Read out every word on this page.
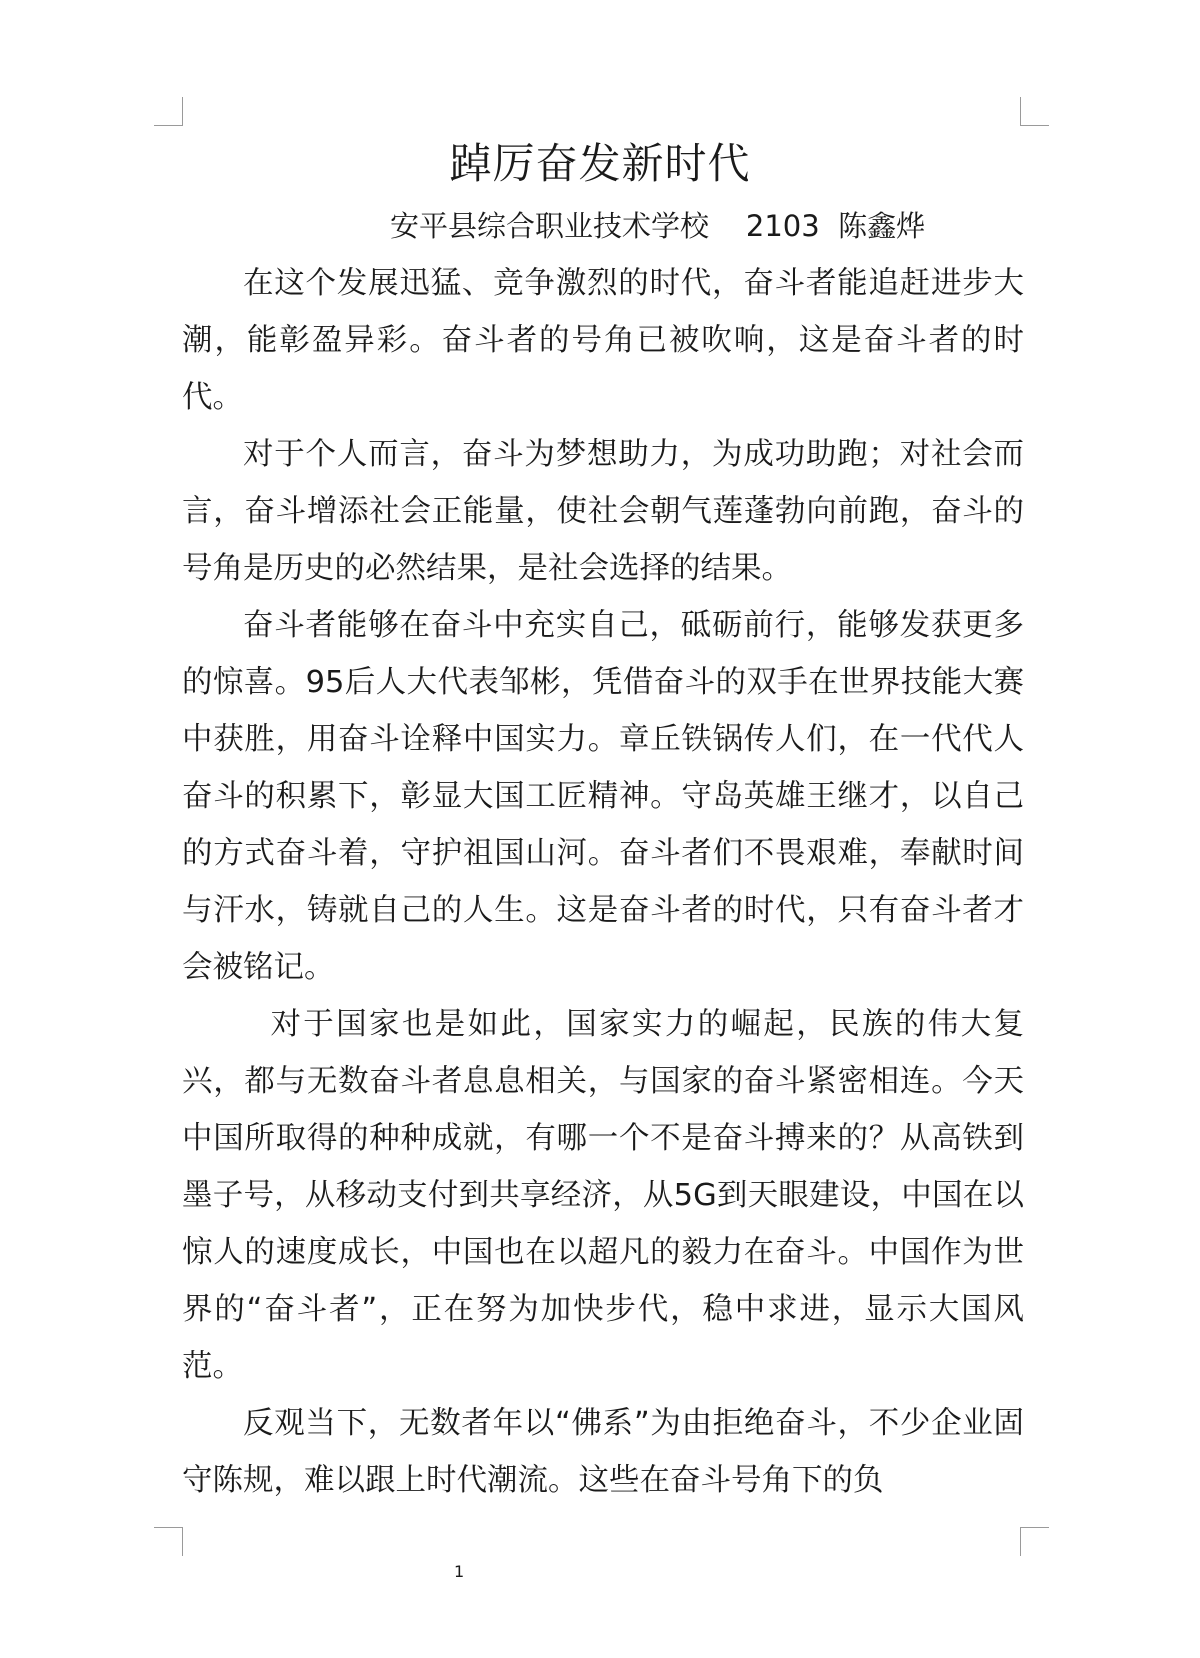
踔厉奋发新时代
安平县综合职业技术学校    2103  陈鑫烨

在这个发展迅猛、竞争激烈的时代，奋斗者能追赶进步大潮，能彰盈异彩。奋斗者的号角已被吹响，这是奋斗者的时代。

对于个人而言，奋斗为梦想助力，为成功助跑；对社会而言，奋斗增添社会正能量，使社会朝气莲蓬勃向前跑，奋斗的号角是历史的必然结果，是社会选择的结果。

奋斗者能够在奋斗中充实自己，砥砺前行，能够发获更多的惊喜。95后人大代表邹彬，凭借奋斗的双手在世界技能大赛中获胜，用奋斗诠释中国实力。章丘铁锅传人们，在一代代人奋斗的积累下，彰显大国工匠精神。守岛英雄王继才，以自己的方式奋斗着，守护祖国山河。奋斗者们不畏艰难，奉献时间与汗水，铸就自己的人生。这是奋斗者的时代，只有奋斗者才会被铭记。

对于国家也是如此，国家实力的崛起，民族的伟大复兴，都与无数奋斗者息息相关，与国家的奋斗紧密相连。今天中国所取得的种种成就，有哪一个不是奋斗搏来的？从高铁到墨子号，从移动支付到共享经济，从5G到天眼建设，中国在以惊人的速度成长，中国也在以超凡的毅力在奋斗。中国作为世界的“奋斗者”，正在努为加快步代，稳中求进，显示大国风范。

反观当下，无数者年以“佛系”为由拒绝奋斗，不少企业固守陈规，难以跟上时代潮流。这些在奋斗号角下的负

1
